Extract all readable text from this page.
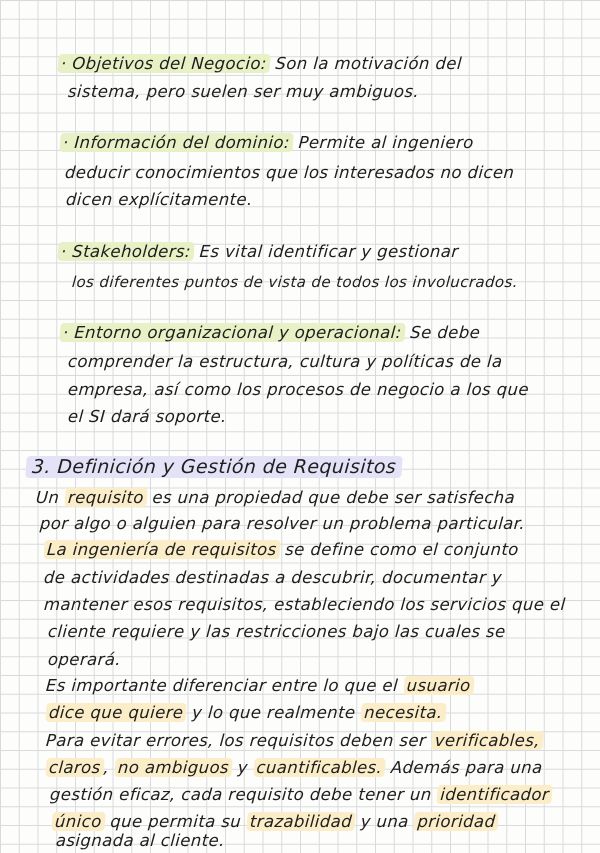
· Objetivos del Negocio: Son la motivación del
sistema, pero suelen ser muy ambiguos.
· Información del dominio: Permite al ingeniero
deducir conocimientos que los interesados no dicen
dicen explícitamente.
· Stakeholders: Es vital identificar y gestionar
los diferentes puntos de vista de todos los involucrados.
· Entorno organizacional y operacional: Se debe
comprender la estructura, cultura y políticas de la
empresa, así como los procesos de negocio a los que
el SI dará soporte.
3. Definición y Gestión de Requisitos
Un requisito es una propiedad que debe ser satisfecha
por algo o alguien para resolver un problema particular.
La ingeniería de requisitos se define como el conjunto
de actividades destinadas a descubrir, documentar y
mantener esos requisitos, estableciendo los servicios que el
cliente requiere y las restricciones bajo las cuales se
operará.
Es importante diferenciar entre lo que el usuario
dice que quiere y lo que realmente necesita.
Para evitar errores, los requisitos deben ser verificables,
claros , no ambiguos y cuantificables. Además para una
gestión eficaz, cada requisito debe tener un identificador
único que permita su trazabilidad y una prioridad
asignada al cliente.
